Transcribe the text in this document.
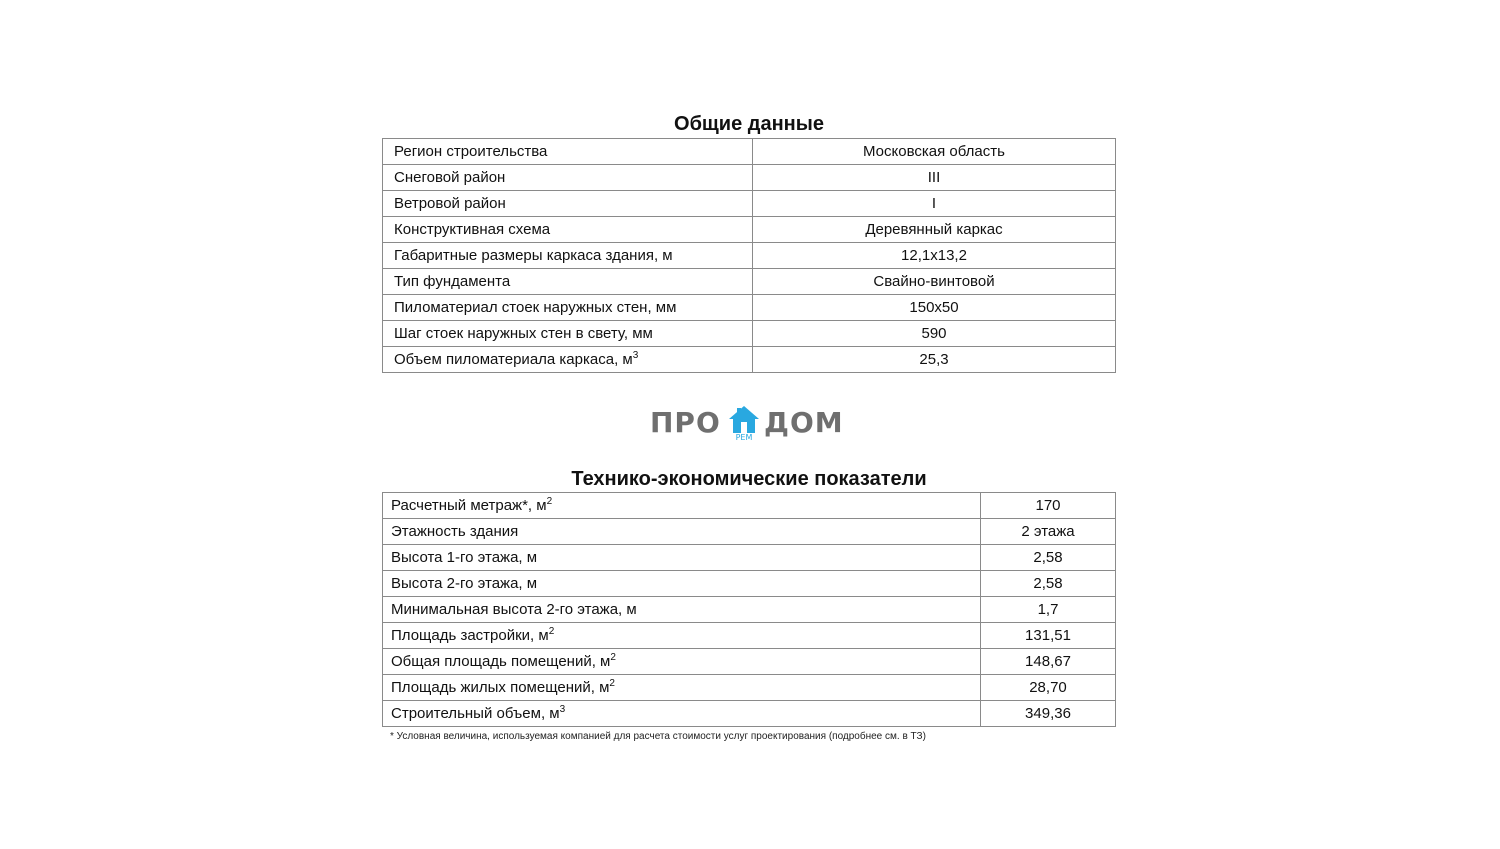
Общие данные
Регион строительства	Московская область
Снеговой район	III
Ветровой район	I
Конструктивная схема	Деревянный каркас
Габаритные размеры каркаса здания, м	12,1x13,2
Тип фундамента	Свайно-винтовой
Пиломатериал стоек наружных стен, мм	150x50
Шаг стоек наружных стен в свету, мм	590
Объем пиломатериала каркаса, $м^3$	25,3
ПРО	РЕМ ДОМ
Технико-экономические показатели
Расчетный метраж*, $м^2$	170
Этажность здания	2 этажа
Высота 1-го этажа, м	2,58
Высота 2-го этажа, м	2,58
Минимальная высота 2-го этажа, м	1,7
Площадь застройки, $м^2$	131,51
Общая площадь помещений, $м^2$	148,67
Площадь жилых помещений, $м^2$	28,70
Строительный объем, $м^3$	349,36
* Условная величина, используемая компанией для расчета стоимости услуг проектирования (подробнее см. в ТЗ)
